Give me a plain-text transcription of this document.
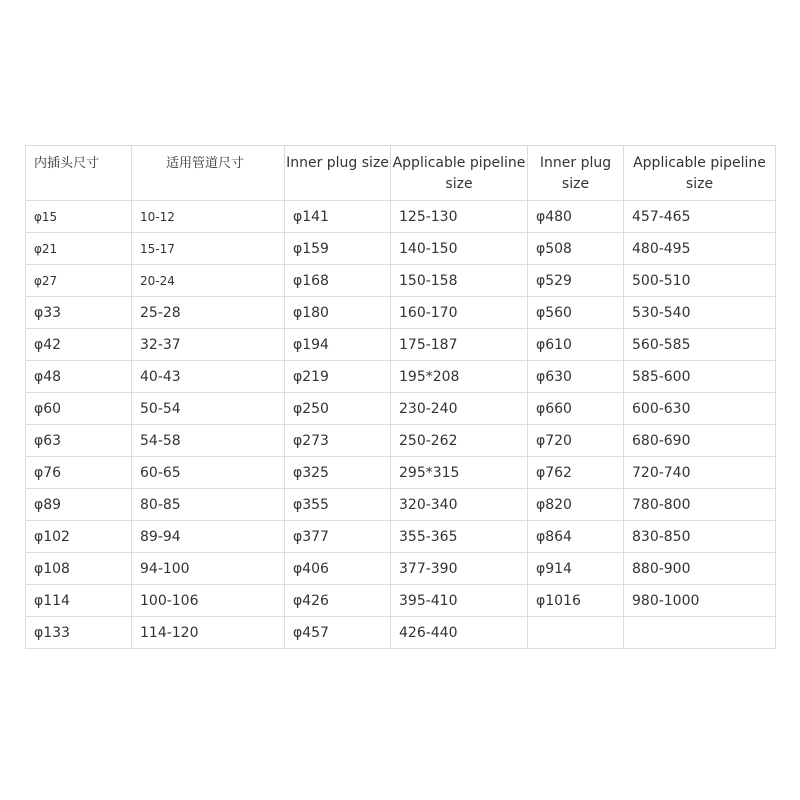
内插头尺寸	适用管道尺寸	Inner plug size	Applicable pipeline size	Inner plug size	Applicable pipeline size
φ15	10-12	φ141	125-130	φ480	457-465
φ21	15-17	φ159	140-150	φ508	480-495
φ27	20-24	φ168	150-158	φ529	500-510
φ33	25-28	φ180	160-170	φ560	530-540
φ42	32-37	φ194	175-187	φ610	560-585
φ48	40-43	φ219	195*208	φ630	585-600
φ60	50-54	φ250	230-240	φ660	600-630
φ63	54-58	φ273	250-262	φ720	680-690
φ76	60-65	φ325	295*315	φ762	720-740
φ89	80-85	φ355	320-340	φ820	780-800
φ102	89-94	φ377	355-365	φ864	830-850
φ108	94-100	φ406	377-390	φ914	880-900
φ114	100-106	φ426	395-410	φ1016	980-1000
φ133	114-120	φ457	426-440		
